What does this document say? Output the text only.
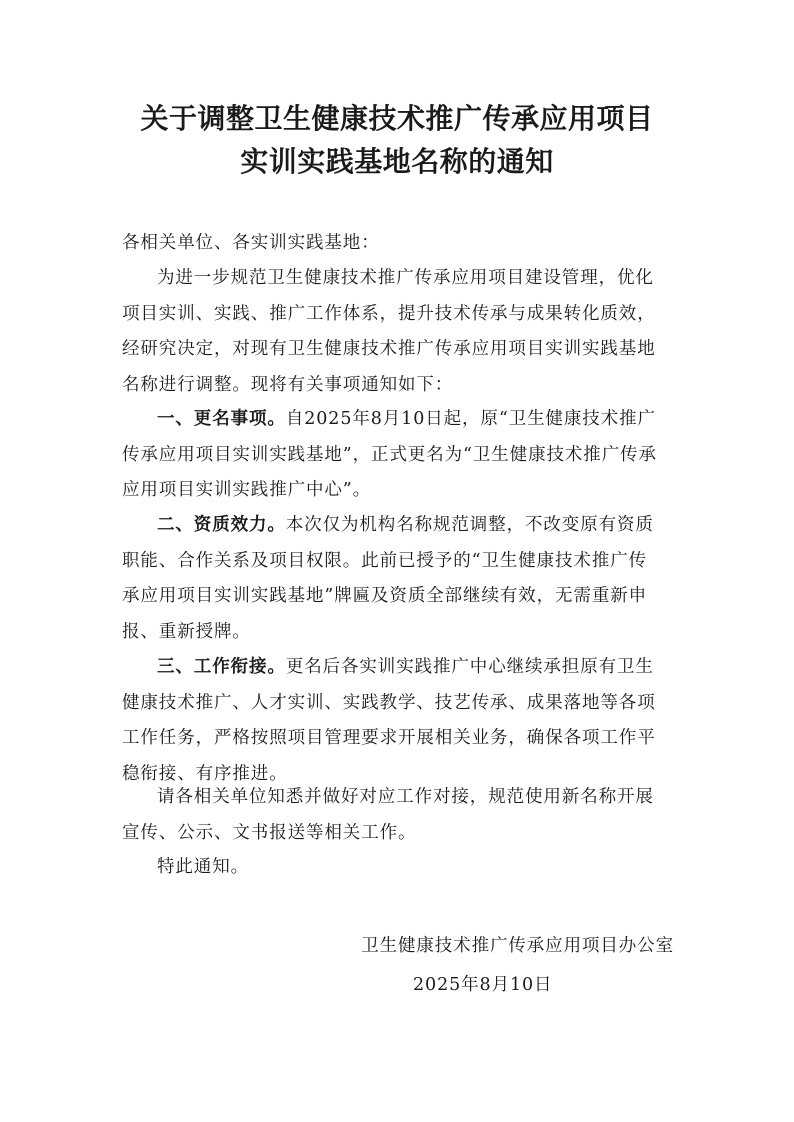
关于调整卫生健康技术推广传承应用项目
实训实践基地名称的通知

各相关单位、各实训实践基地：

为进一步规范卫生健康技术推广传承应用项目建设管理，优化项目实训、实践、推广工作体系，提升技术传承与成果转化质效，经研究决定，对现有卫生健康技术推广传承应用项目实训实践基地名称进行调整。现将有关事项通知如下：

一、更名事项。自2025年8月10日起，原“卫生健康技术推广传承应用项目实训实践基地”，正式更名为“卫生健康技术推广传承应用项目实训实践推广中心”。

二、资质效力。本次仅为机构名称规范调整，不改变原有资质职能、合作关系及项目权限。此前已授予的“卫生健康技术推广传承应用项目实训实践基地”牌匾及资质全部继续有效，无需重新申报、重新授牌。

三、工作衔接。更名后各实训实践推广中心继续承担原有卫生健康技术推广、人才实训、实践教学、技艺传承、成果落地等各项工作任务，严格按照项目管理要求开展相关业务，确保各项工作平稳衔接、有序推进。

请各相关单位知悉并做好对应工作对接，规范使用新名称开展宣传、公示、文书报送等相关工作。

特此通知。

卫生健康技术推广传承应用项目办公室

2025年8月10日
